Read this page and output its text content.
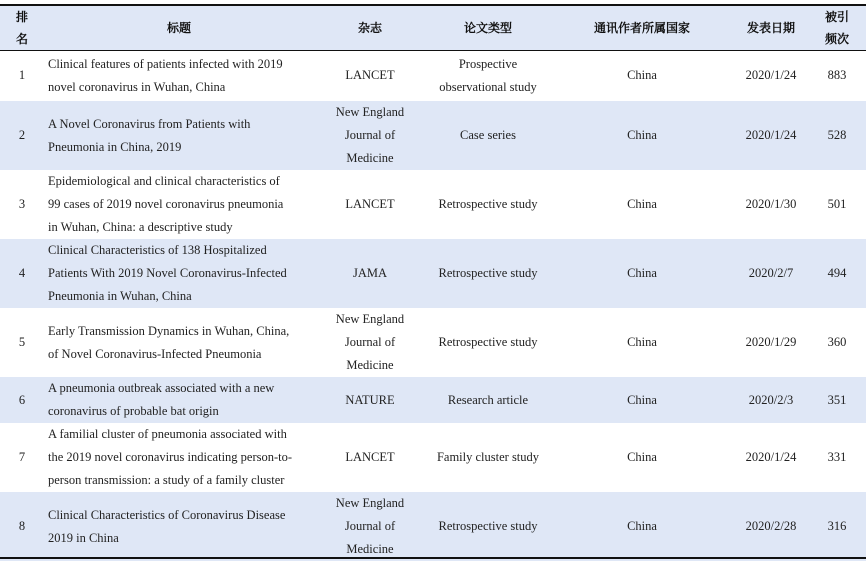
排
名	标题	杂志	论文类型	通讯作者所属国家	发表日期	被引
频次

1	Clinical features of patients infected with 2019
novel coronavirus in Wuhan, China	LANCET	Prospective
observational study	China	2020/1/24	883
2	A Novel Coronavirus from Patients with
Pneumonia in China, 2019	New England
Journal of
Medicine	Case series	China	2020/1/24	528
3	Epidemiological and clinical characteristics of
99 cases of 2019 novel coronavirus pneumonia
in Wuhan, China: a descriptive study	LANCET	Retrospective study	China	2020/1/30	501
4	Clinical Characteristics of 138 Hospitalized
Patients With 2019 Novel Coronavirus-Infected
Pneumonia in Wuhan, China	JAMA	Retrospective study	China	2020/2/7	494
5	Early Transmission Dynamics in Wuhan, China,
of Novel Coronavirus-Infected Pneumonia	New England
Journal of
Medicine	Retrospective study	China	2020/1/29	360
6	A pneumonia outbreak associated with a new
coronavirus of probable bat origin	NATURE	Research article	China	2020/2/3	351
7	A familial cluster of pneumonia associated with
the 2019 novel coronavirus indicating person-to-
person transmission: a study of a family cluster	LANCET	Family cluster study	China	2020/1/24	331
8	Clinical Characteristics of Coronavirus Disease
2019 in China	New England
Journal of
Medicine	Retrospective study	China	2020/2/28	316
